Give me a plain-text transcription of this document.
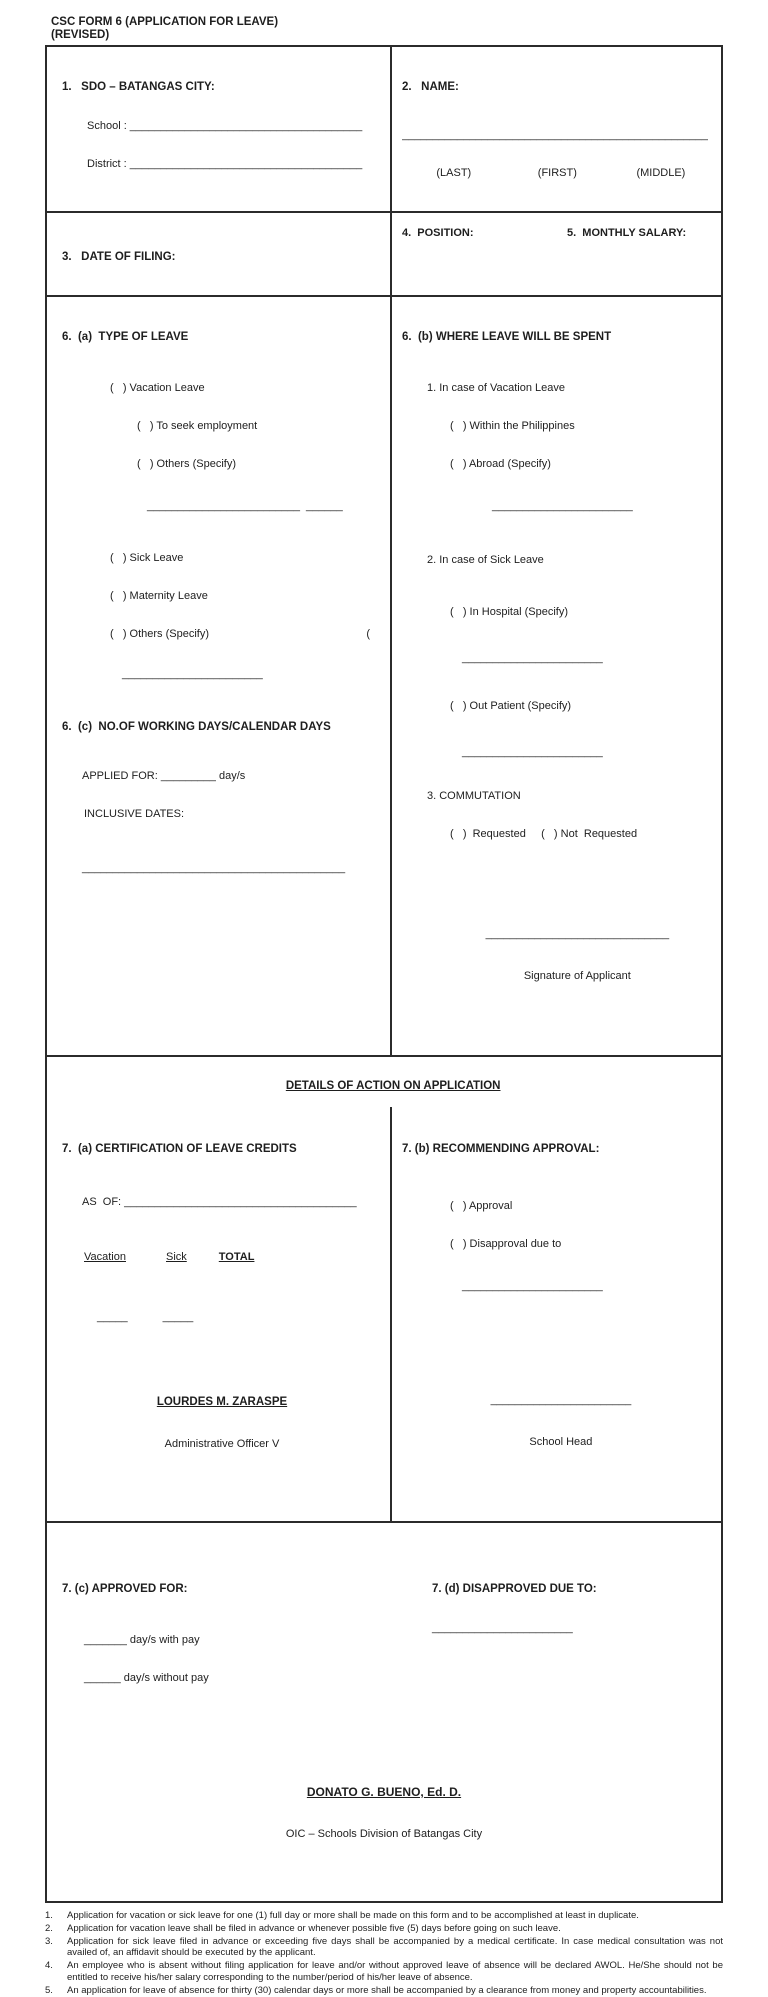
CSC FORM 6 (APPLICATION FOR LEAVE)
(REVISED)

1.   SDO – BATANGAS CITY:

School : ______________________________________

District : ______________________________________

2.   NAME:

__________________________________________________

(LAST)	(FIRST)	(MIDDLE)

3.   DATE OF FILING:

4.  POSITION:	5.  MONTHLY SALARY:

6.  (a)  TYPE OF LEAVE

(   ) Vacation Leave

(   ) To seek employment

(   ) Others (Specify)

_________________________  ______

(   ) Sick Leave

(   ) Maternity Leave

(   ) Others (Specify)	(

_______________________

6.  (c)  NO.OF WORKING DAYS/CALENDAR DAYS

APPLIED FOR: _________ day/s

INCLUSIVE DATES:

___________________________________________

6.  (b) WHERE LEAVE WILL BE SPENT

1. In case of Vacation Leave

(   ) Within the Philippines

(   ) Abroad (Specify)

_______________________

2. In case of Sick Leave

(   ) In Hospital (Specify)

_______________________

(   ) Out Patient (Specify)

_______________________

3. COMMUTATION

(   )  Requested     (   ) Not  Requested

______________________________

Signature of Applicant

DETAILS OF ACTION ON APPLICATION

7.  (a) CERTIFICATION OF LEAVE CREDITS

AS  OF: ______________________________________

Vacation	Sick	TOTAL

_____	_____

LOURDES M. ZARASPE

Administrative Officer V

7. (b) RECOMMENDING APPROVAL:

(   ) Approval

(   ) Disapproval due to

_______________________

_______________________

School Head

7. (c) APPROVED FOR:

_______ day/s with pay

______ day/s without pay

7. (d) DISAPPROVED DUE TO:

_______________________

DONATO G. BUENO, Ed. D.

OIC – Schools Division of Batangas City

1.	Application for vacation or sick leave for one (1) full day or more shall be made on this form and to be accomplished at least in duplicate.
2.	Application for vacation leave shall be filed in advance or whenever possible five (5) days before going on such leave.
3.	Application for sick leave filed in advance or exceeding five days shall be accompanied by a medical certificate. In case medical consultation was not availed of, an affidavit should be executed by the applicant.
4.	An employee who is absent without filing application for leave and/or without approved leave of absence will be declared AWOL. He/She should not be entitled to receive his/her salary corresponding to the number/period of his/her leave of absence.
5.	An application for leave of absence for thirty (30) calendar days or more shall be accompanied by a clearance from money and property accountabilities.
